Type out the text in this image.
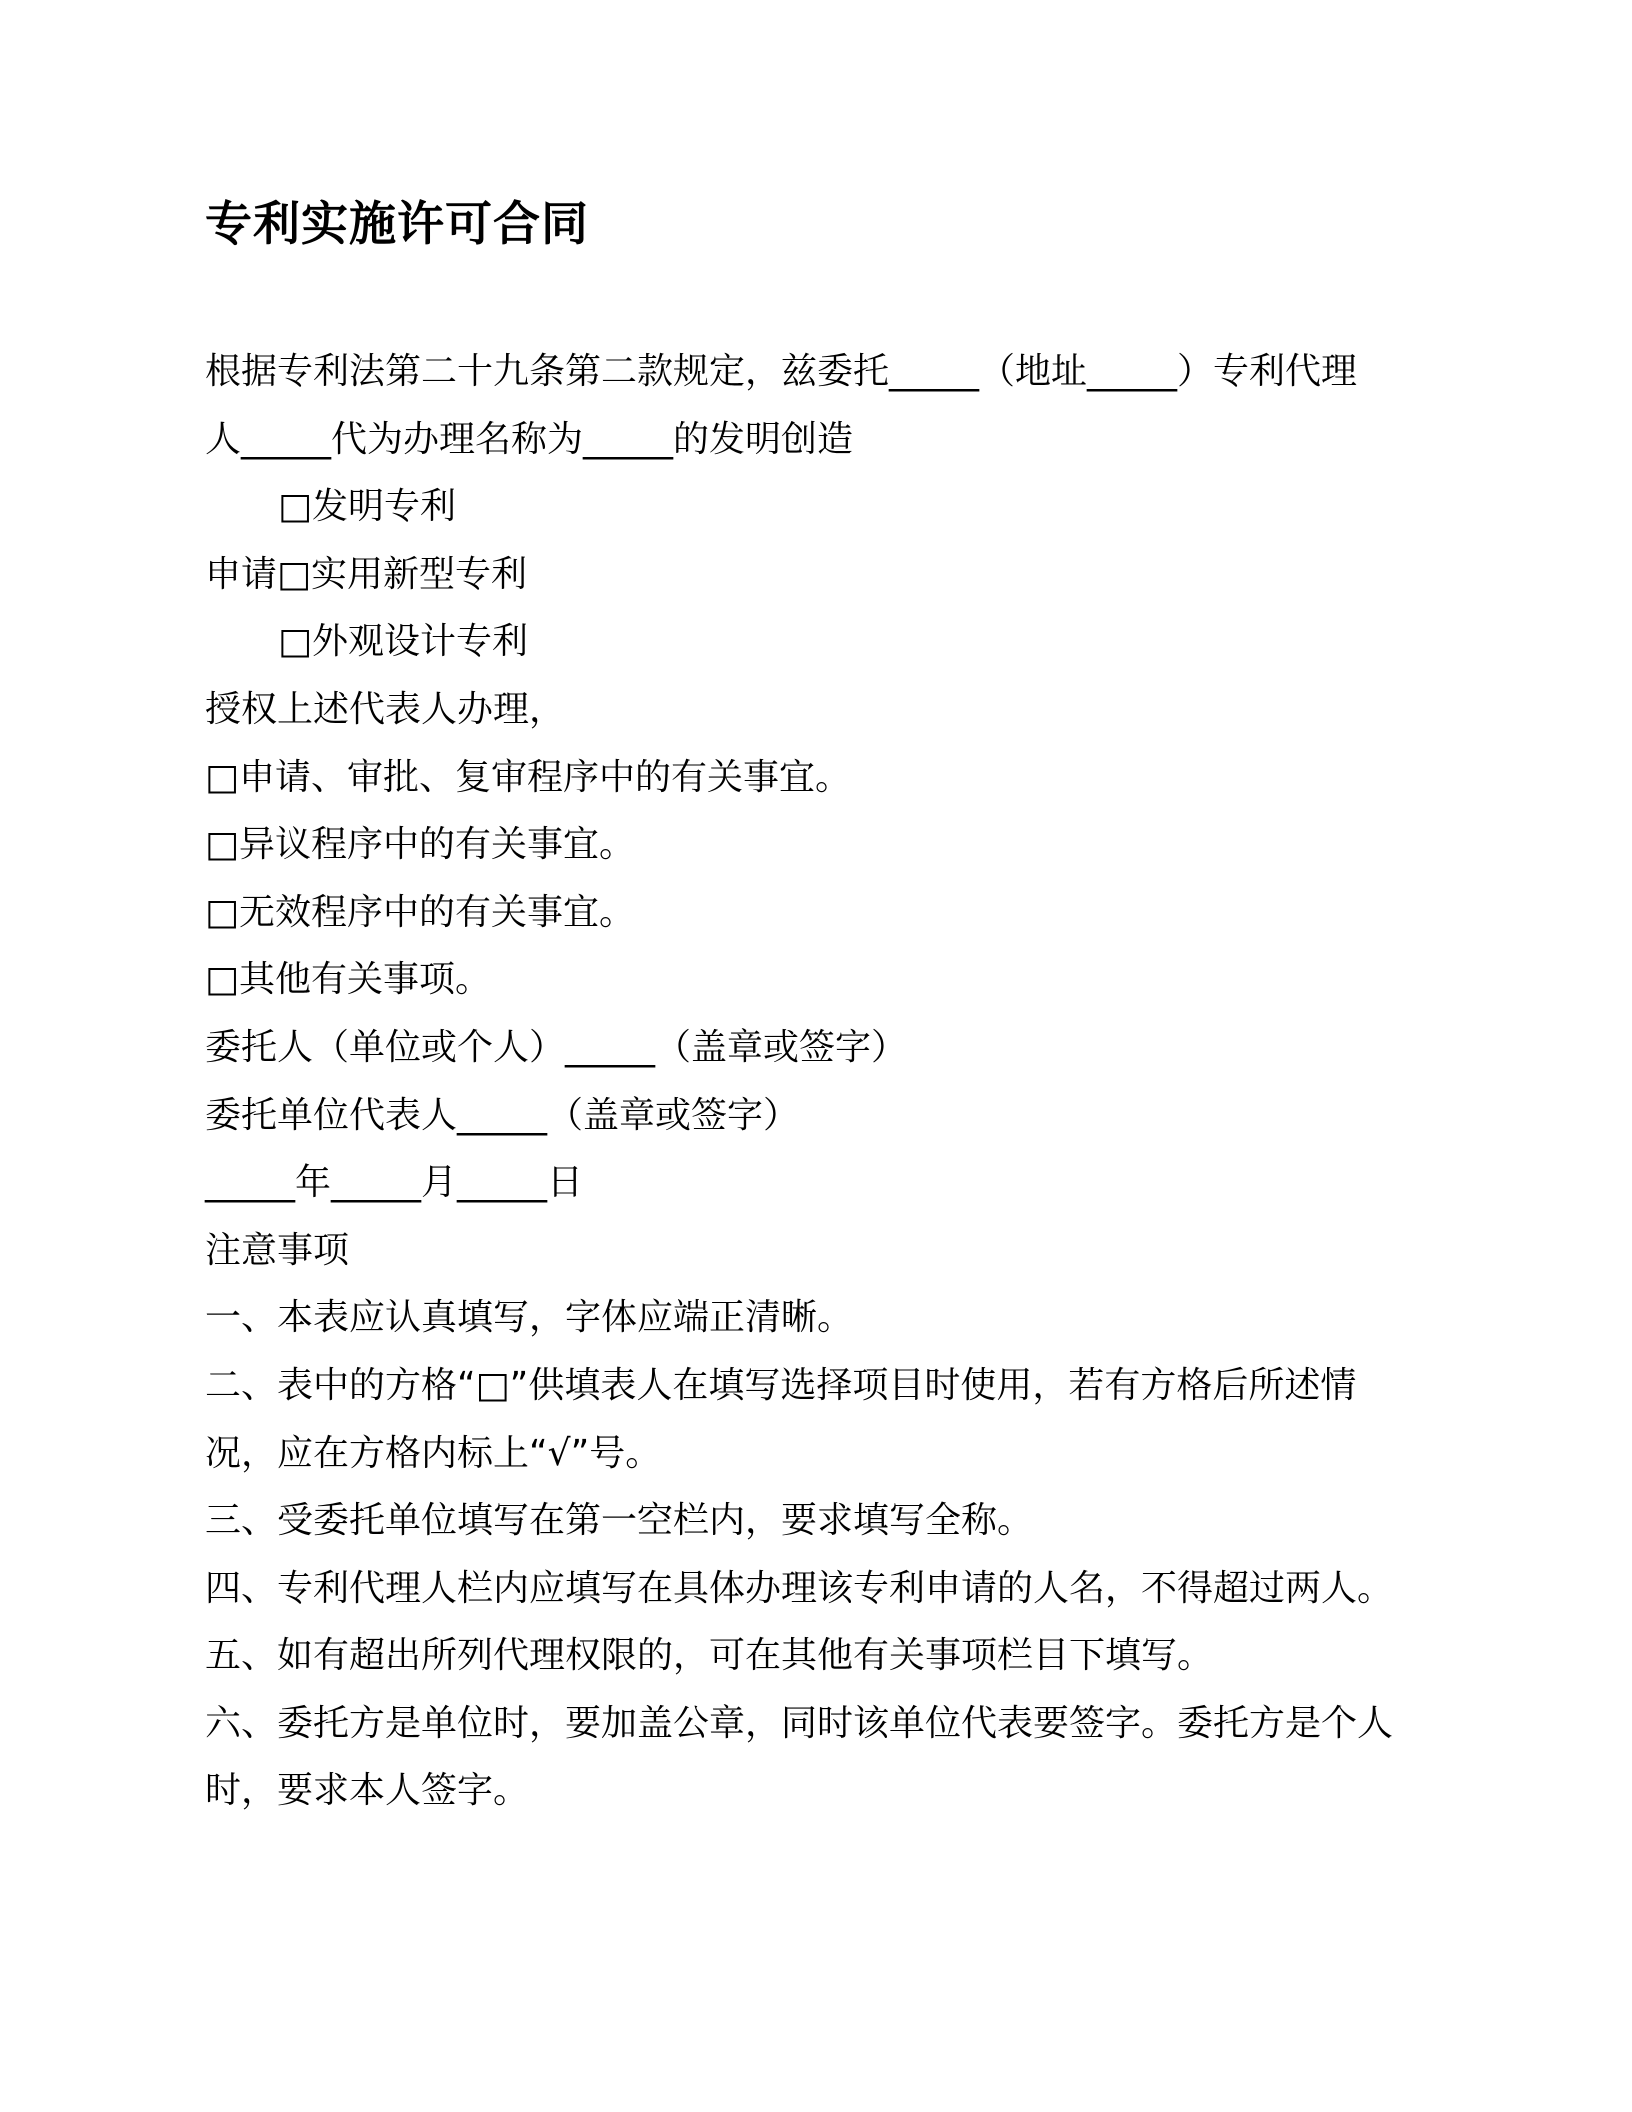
专利实施许可合同
根据专利法第二十九条第二款规定，兹委托_____（地址_____）专利代理
人_____代为办理名称为_____的发明创造
□发明专利
申请□实用新型专利
□外观设计专利
授权上述代表人办理，
□申请、审批、复审程序中的有关事宜。
□异议程序中的有关事宜。
□无效程序中的有关事宜。
□其他有关事项。
委托人（单位或个人）_____（盖章或签字）
委托单位代表人_____（盖章或签字）
_____年_____月_____日
注意事项
一、本表应认真填写，字体应端正清晰。
二、表中的方格“□”供填表人在填写选择项目时使用，若有方格后所述情
况，应在方格内标上“√”号。
三、受委托单位填写在第一空栏内，要求填写全称。
四、专利代理人栏内应填写在具体办理该专利申请的人名，不得超过两人。
五、如有超出所列代理权限的，可在其他有关事项栏目下填写。
六、委托方是单位时，要加盖公章，同时该单位代表要签字。委托方是个人
时，要求本人签字。
